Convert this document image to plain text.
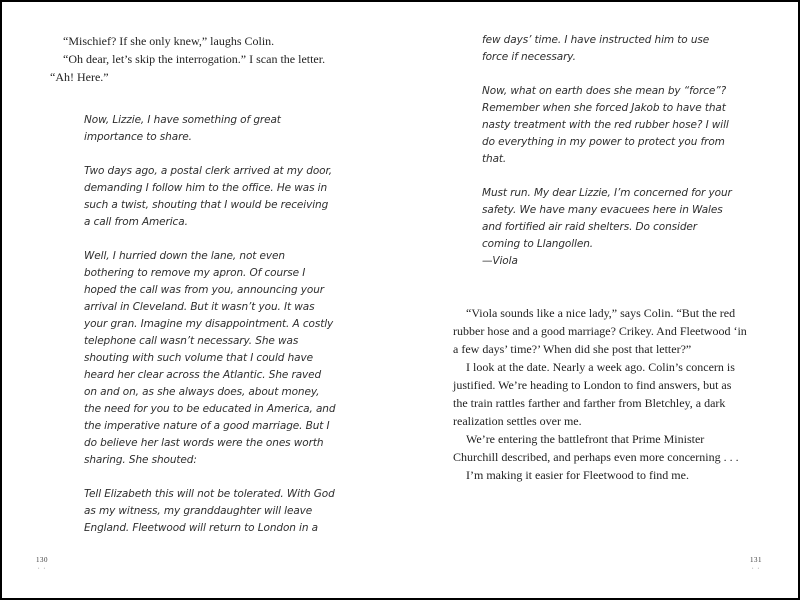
“Mischief? If she only knew,” laughs Colin.

“Oh dear, let’s skip the interrogation.” I scan the letter. “Ah! Here.”

Now, Lizzie, I have something of great importance to share.

Two days ago, a postal clerk arrived at my door, demanding I follow him to the office. He was in such a twist, shouting that I would be receiving a call from America.

Well, I hurried down the lane, not even bothering to remove my apron. Of course I hoped the call was from you, announcing your arrival in Cleveland. But it wasn’t you. It was your gran. Imagine my disappointment. A costly telephone call wasn’t necessary. She was shouting with such volume that I could have heard her clear across the Atlantic. She raved on and on, as she always does, about money, the need for you to be educated in America, and the imperative nature of a good marriage. But I do believe her last words were the ones worth sharing. She shouted:

Tell Elizabeth this will not be tolerated. With God as my witness, my granddaughter will leave England. Fleetwood will return to London in a

130
· ·

few days’ time. I have instructed him to use force if necessary.

Now, what on earth does she mean by “force”? Remember when she forced Jakob to have that nasty treatment with the red rubber hose? I will do everything in my power to protect you from that.

Must run. My dear Lizzie, I’m concerned for your safety. We have many evacuees here in Wales and fortified air raid shelters. Do consider coming to Llangollen.

—Viola

“Viola sounds like a nice lady,” says Colin. “But the red rubber hose and a good marriage? Crikey. And Fleetwood ‘in a few days’ time?’ When did she post that letter?”

I look at the date. Nearly a week ago. Colin’s concern is justified. We’re heading to London to find answers, but as the train rattles farther and farther from Bletchley, a dark realization settles over me.

We’re entering the battlefront that Prime Minister Churchill described, and perhaps even more concerning . . .

I’m making it easier for Fleetwood to find me.

131
· ·
